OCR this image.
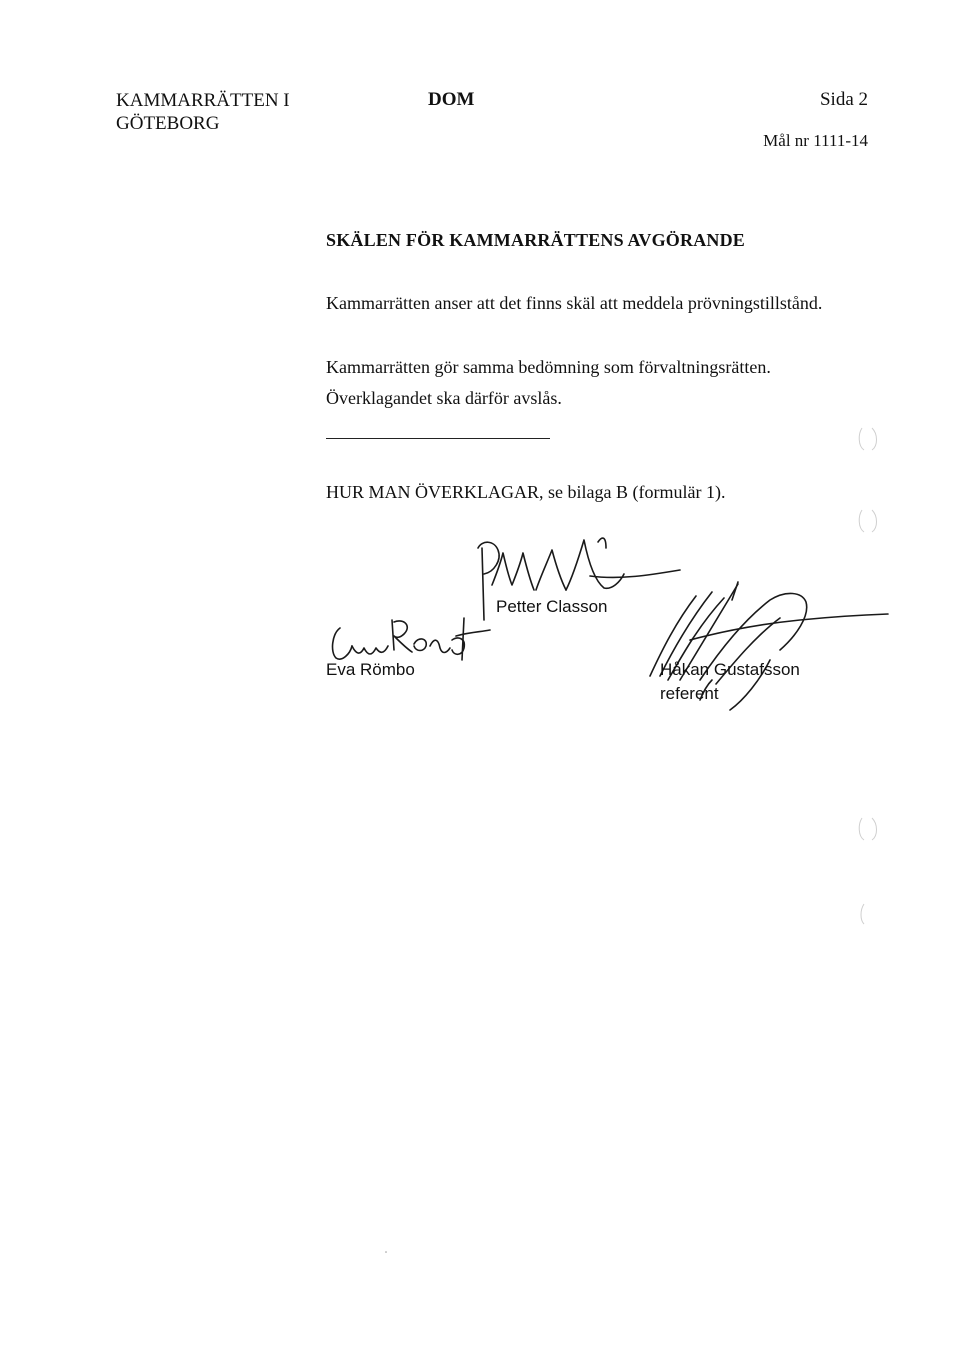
KAMMARRÄTTEN I
GÖTEBORG
DOM	Sida 2
Mål nr 1111-14
SKÄLEN FÖR KAMMARRÄTTENS AVGÖRANDE
Kammarrätten anser att det finns skäl att meddela prövningstillstånd.
Kammarrätten gör samma bedömning som förvaltningsrätten.
Överklagandet ska därför avslås.
HUR MAN ÖVERKLAGAR, se bilaga B (formulär 1).
Petter Classon
Eva Römbo	Håkan Gustafsson
referent
